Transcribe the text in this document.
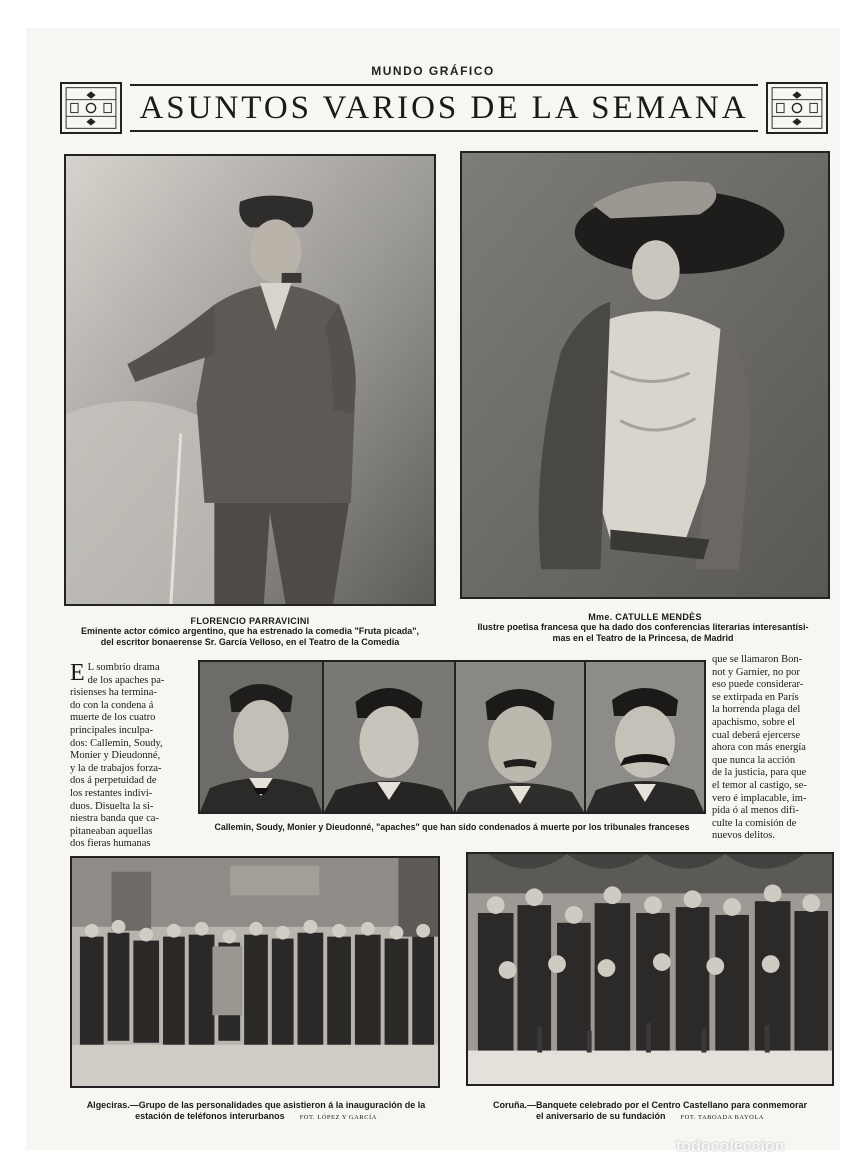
MUNDO GRÁFICO
ASUNTOS VARIOS DE LA SEMANA
FLORENCIO PARRAVICINI
Eminente actor cómico argentino, que ha estrenado la comedia "Fruta picada",
del escritor bonaerense Sr. García Velloso, en el Teatro de la Comedia
Mme. CATULLE MENDÈS
Ilustre poetisa francesa que ha dado dos conferencias literarias interesantísi-
mas en el Teatro de la Princesa, de Madrid
E L sombrío drama
de los apaches pa-
risienses ha termina-
do con la condena á
muerte de los cuatro
principales inculpa-
dos: Callemin, Soudy,
Monier y Dieudonné,
y la de trabajos forza-
dos á perpetuidad de
los restantes indivi-
duos. Disuelta la si-
niestra banda que ca-
pitaneaban aquellas
dos fieras humanas
Callemin, Soudy, Monier y Dieudonné, "apaches" que han sido condenados á muerte por los tribunales franceses
que se llamaron Bon-
not y Garnier, no por
eso puede considerar-
se extirpada en París
la horrenda plaga del
apachismo, sobre el
cual deberá ejercerse
ahora con más energía
que nunca la acción
de la justicia, para que
el temor al castigo, se-
vero é implacable, im-
pida ó al menos difi-
culte la comisión de
nuevos delitos.
Algeciras.—Grupo de las personalidades que asistieron á la inauguración de la
estación de teléfonos interurbanos FOT. LÓPEZ Y GARCÍA
Coruña.—Banquete celebrado por el Centro Castellano para conmemorar
el aniversario de su fundación FOT. TABOADA BAYOLA
todocoleccion
